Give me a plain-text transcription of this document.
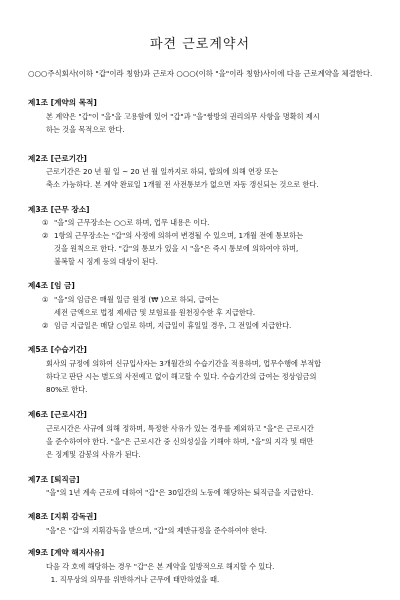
파견 근로계약서
○○○주식회사(이하 "갑"이라 칭함)과 근로자 ○○○(이하 "을"이라 칭함)사이에 다음 근로계약을 체결한다.
제1조 [계약의 목적]
본 계약은 "갑"이 "을"을 고용함에 있어 "갑"과 "을"쌍방의 권리의무 사항을 명확히 제시
하는 것을 목적으로 한다.
제2조 [근로기간]
근로기간은 20 년 월 일 ~ 20 년 월 일까지로 하되, 합의에 의해 연장 또는
축소 가능하다. 본 계약 완료일 1개월 전 사전통보가 없으면 자동 갱신되는 것으로 한다.
제3조 [근무 장소]
① "을"의 근무장소는 ○○로 하며, 업무 내용은 이다.
② 1항의 근무장소는 "갑"의 사정에 의하여 변경될 수 있으며, 1개월 전에 통보하는
것을 원칙으로 한다. "갑"의 통보가 있을 시 "을"은 즉시 통보에 의하여야 하며,
불복할 시 징계 등의 대상이 된다.
제4조 [임 금]
① "을"의 임금은 매월 일금 원정 (₩ )으로 하되, 급여는
세전 금액으로 법정 제세금 및 보험료를 원천징수한 후 지급한다.
② 임금 지급일은 매달 ○일로 하며, 지급일이 휴일일 경우, 그 전일에 지급한다.
제5조 [수습기간]
회사의 규정에 의하여 신규입사자는 3개월간의 수습기간을 적용하며, 업무수행에 부적합
하다고 판단 시는 별도의 사전예고 없이 해고할 수 있다. 수습기간의 급여는 정상임금의
80%로 한다.
제6조 [근로시간]
근로시간은 사규에 의해 정하며, 특정한 사유가 있는 경우를 제외하고 "을"은 근로시간
을 준수하여야 한다. "을"은 근로시간 중 신의성실을 기해야 하며, "을"의 지각 및 태만
은 징계및 감봉의 사유가 된다.
제7조 [퇴직금]
"을"의 1년 계속 근로에 대하여 "갑"은 30일간의 노동에 해당하는 퇴직금을 지급한다.
제8조 [지휘 감독권]
"을"은 "갑"의 지휘감독을 받으며, "갑"의 제반규정을 준수하여야 한다.
제9조 [계약 해지사유]
다음 각 호에 해당하는 경우 "갑"은 본 계약을 일방적으로 해지할 수 있다.
1. 직무상의 의무를 위반하거나 근무에 태만하였을 때.
